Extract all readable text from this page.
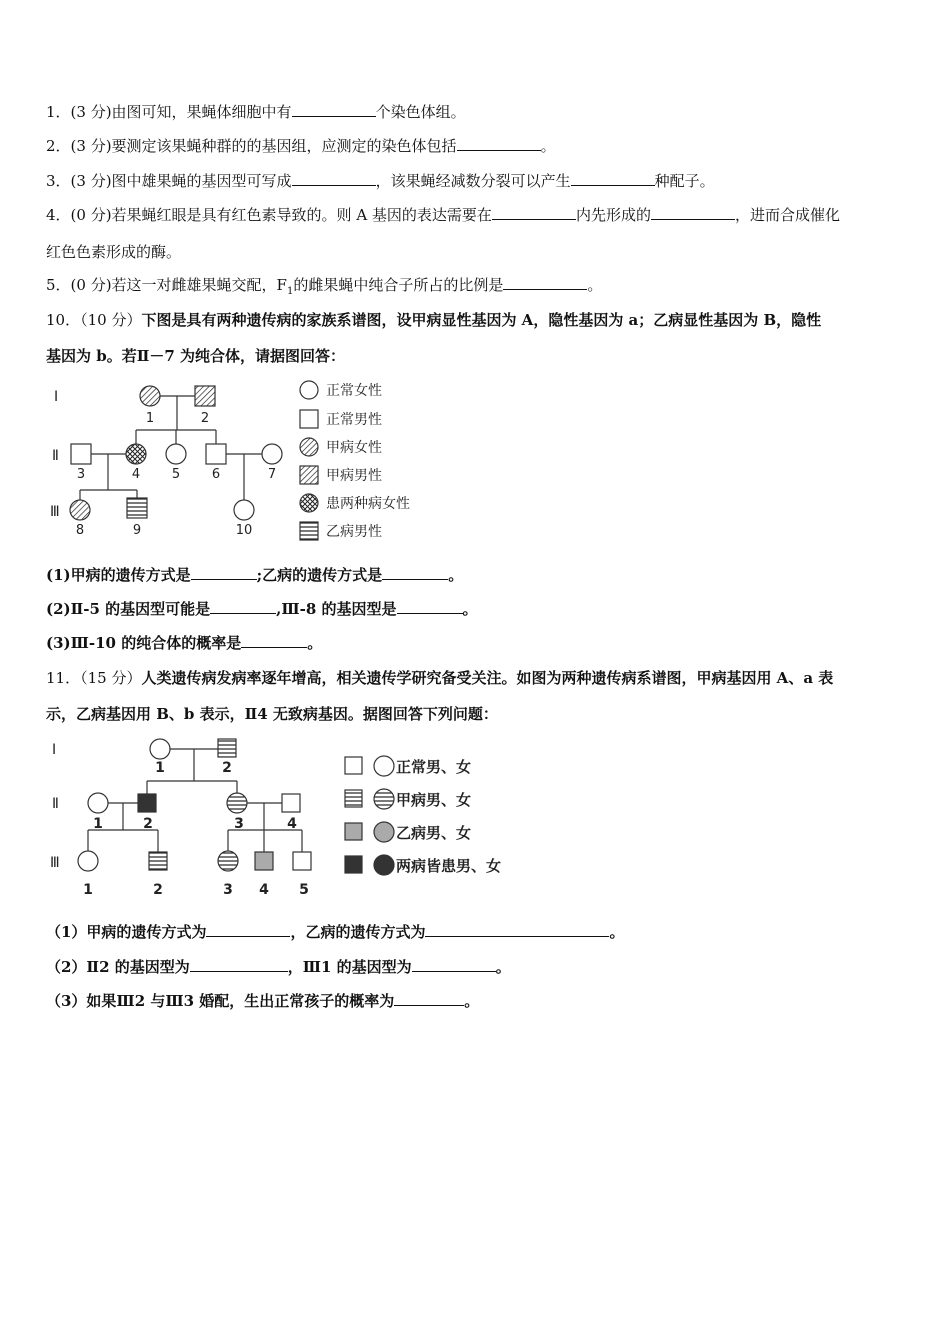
1．(3 分)由图可知，果蝇体细胞中有	个染色体组。
2．(3 分)要测定该果蝇种群的的基因组，应测定的染色体包括	。
3．(3 分)图中雄果蝇的基因型可写成	，该果蝇经减数分裂可以产生	种配子。
4．(0 分)若果蝇红眼是具有红色素导致的。则 A 基因的表达需要在	内先形成的	，进而合成催化
红色色素形成的酶。
5．(0 分)若这一对雌雄果蝇交配，$F_1$的雌果蝇中纯合子所占的比例是	。
10．（10 分）下图是具有两种遗传病的家族系谱图，设甲病显性基因为 A，隐性基因为 a；乙病显性基因为 B，隐性
基因为 b。若Ⅱ－7 为纯合体，请据图回答：
Ⅰ
Ⅱ
Ⅲ
1	2
3	4 5 6	7
8	9	10
正常女性
正常男性
甲病女性
甲病男性
患两种病女性
乙病男性
(1)甲病的遗传方式是	;乙病的遗传方式是	。
(2)Ⅱ-5 的基因型可能是	,Ⅲ-8 的基因型是	。
(3)Ⅲ-10 的纯合体的概率是	。
11．（15 分）人类遗传病发病率逐年增高，相关遗传学研究备受关注。如图为两种遗传病系谱图，甲病基因用 A、a 表
示，乙病基因用 B、b 表示，Ⅱ4 无致病基因。据图回答下列问题：
Ⅰ
Ⅱ
Ⅲ
1	2
1	2	3	4
1	2	3 4 5
正常男、女
甲病男、女
乙病男、女
两病皆患男、女
（1）甲病的遗传方式为	，乙病的遗传方式为	。
（2）Ⅱ2 的基因型为	，Ⅲ1 的基因型为	。
（3）如果Ⅲ2 与Ⅲ3 婚配，生出正常孩子的概率为	。
